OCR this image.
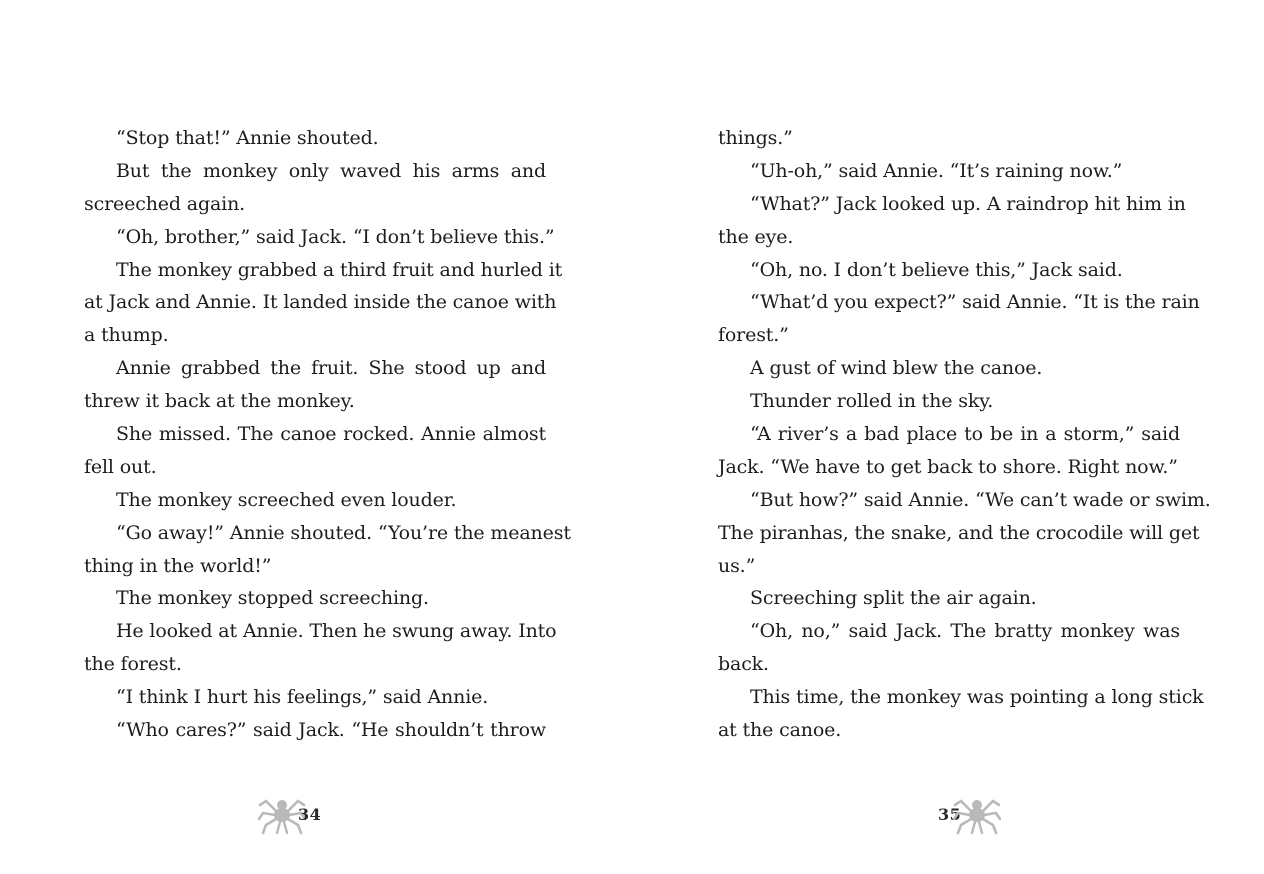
“Stop that!” Annie shouted.
But the monkey only waved his arms and
screeched again.
“Oh, brother,” said Jack. “I don’t believe this.”
The monkey grabbed a third fruit and hurled it
at Jack and Annie. It landed inside the canoe with
a thump.
Annie grabbed the fruit. She stood up and
threw it back at the monkey.
She missed. The canoe rocked. Annie almost
fell out.
The monkey screeched even louder.
“Go away!” Annie shouted. “You’re the meanest
thing in the world!”
The monkey stopped screeching.
He looked at Annie. Then he swung away. Into
the forest.
“I think I hurt his feelings,” said Annie.
“Who cares?” said Jack. “He shouldn’t throw
things.”
“Uh-oh,” said Annie. “It’s raining now.”
“What?” Jack looked up. A raindrop hit him in
the eye.
“Oh, no. I don’t believe this,” Jack said.
“What’d you expect?” said Annie. “It is the rain
forest.”
A gust of wind blew the canoe.
Thunder rolled in the sky.
“A river’s a bad place to be in a storm,” said
Jack. “We have to get back to shore. Right now.”
“But how?” said Annie. “We can’t wade or swim.
The piranhas, the snake, and the crocodile will get
us.”
Screeching split the air again.
“Oh, no,” said Jack. The bratty monkey was
back.
This time, the monkey was pointing a long stick
at the canoe.
34	35
